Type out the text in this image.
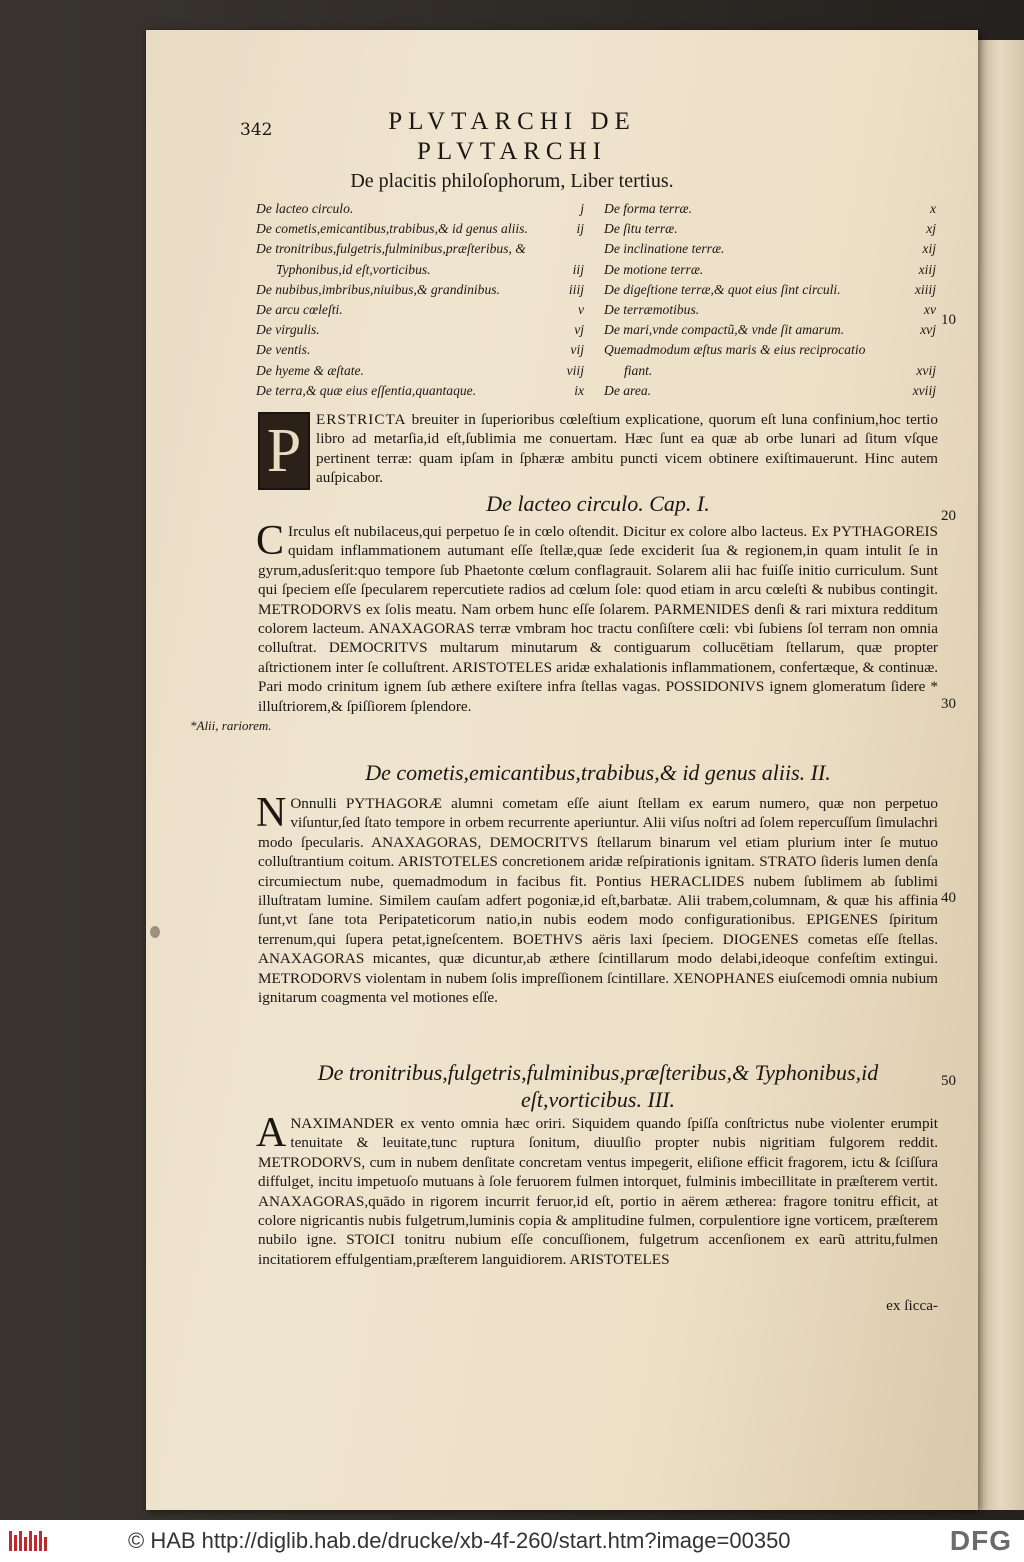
342	PLVTARCHI DE
PLVTARCHI
De placitis philoſophorum, Liber tertius.
De lacteo circulo.	j De forma terræ.	x
De cometis,emicantibus,trabibus,& id genus aliis.	ij De ſitu terræ.	xj
De tronitribus,fulgetris,fulminibus,præſteribus, &	De inclinatione terræ.	xij
Typhonibus,id eſt,vorticibus.	iij De motione terræ.	xiij
De nubibus,imbribus,niuibus,& grandinibus.	iiij De digeſtione terræ,& quot eius ſint circuli.	xiiij
De arcu cœleſti.	v De terræmotibus.	xv
De virgulis.	vj De mari,vnde compactũ,& vnde ſit amarum.	xvj
De ventis.	vij Quemadmodum æſtus maris & eius reciprocatio
De hyeme & æſtate.	viij	fiant.	xvij
De terra,& quæ eius eſſentia,quantaque.	ix De area.	xviij

P ERSTRICTA breuiter in ſuperioribus cœleſtium explicatione, quorum eſt luna confinium,hoc tertio libro ad metarſia,id eſt,ſublimia me conuertam. Hæc ſunt ea quæ ab orbe lunari ad ſitum vſque pertinent terræ: quam ipſam in ſphæræ ambitu puncti vicem obtinere exiſtimauerunt. Hinc autem auſpicabor.

De lacteo circulo. Cap. I.

C Irculus eſt nubilaceus,qui perpetuo ſe in cœlo oſtendit. Dicitur ex colore albo lacteus. Ex PYTHAGOREIS quidam inflammationem autumant eſſe ſtellæ,quæ ſede exciderit ſua & regionem,in quam intulit ſe in gyrum,adusſerit:quo tempore ſub Phaetonte cœlum conflagrauit. Solarem alii hac fuiſſe initio curriculum. Sunt qui ſpeciem eſſe ſpecularem repercutiete radios ad cœlum ſole: quod etiam in arcu cœleſti & nubibus contingit. METRODORVS ex ſolis meatu. Nam orbem hunc eſſe ſolarem. PARMENIDES denſi & rari mixtura redditum colorem lacteum. ANAXAGORAS terræ vmbram hoc tractu conſiſtere cœli: vbi ſubiens ſol terram non omnia colluſtrat. DEMOCRITVS multarum minutarum & contiguarum collucētiam ſtellarum, quæ propter aſtrictionem inter ſe colluſtrent. ARISTOTELES aridæ exhalationis inflammationem, confertæque, & continuæ. Pari modo crinitum ignem ſub æthere exiſtere infra ſtellas vagas. POSSIDONIVS ignem glomeratum ſidere * illuſtriorem,& ſpiſſiorem ſplendore.

*Alii, rariorem.
De cometis,emicantibus,trabibus,& id genus aliis. II.

N Onnulli PYTHAGORÆ alumni cometam eſſe aiunt ſtellam ex earum numero, quæ non perpetuo viſuntur,ſed ſtato tempore in orbem recurrente aperiuntur. Alii viſus noſtri ad ſolem repercuſſum ſimulachri modo ſpecularis. ANAXAGORAS, DEMOCRITVS ſtellarum binarum vel etiam plurium inter ſe mutuo colluſtrantium coitum. ARISTOTELES concretionem aridæ reſpirationis ignitam. STRATO ſideris lumen denſa circumiectum nube, quemadmodum in facibus fit. Pontius HERACLIDES nubem ſublimem ab ſublimi illuſtratam lumine. Similem cauſam adfert pogoniæ,id eſt,barbatæ. Alii trabem,columnam, & quæ his affinia ſunt,vt ſane tota Peripateticorum natio,in nubis eodem modo configurationibus. EPIGENES ſpiritum terrenum,qui ſupera petat,igneſcentem. BOETHVS aëris laxi ſpeciem. DIOGENES cometas eſſe ſtellas. ANAXAGORAS micantes, quæ dicuntur,ab æthere ſcintillarum modo delabi,ideoque confeſtim extingui. METRODORVS violentam in nubem ſolis impreſſionem ſcintillare. XENOPHANES eiuſcemodi omnia nubium ignitarum coagmenta vel motiones eſſe.

De tronitribus,fulgetris,fulminibus,præſteribus,& Typhonibus,id eſt,vorticibus. III.

ANAXIMANDER ex vento omnia hæc oriri. Siquidem quando ſpiſſa conſtrictus nube violenter erumpit tenuitate & leuitate,tunc ruptura ſonitum, diuulſio propter nubis nigritiam fulgorem reddit. METRODORVS, cum in nubem denſitate concretam ventus impegerit, eliſione efficit fragorem, ictu & ſciſſura diffulget, incitu impetuoſo mutuans à ſole feruorem fulmen intorquet, fulminis imbecillitate in præſterem vertit. ANAXAGORAS,quādo in rigorem incurrit feruor,id eſt, portio in aërem ætherea: fragore tonitru efficit, at colore nigricantis nubis fulgetrum,luminis copia & amplitudine fulmen, corpulentiore igne vorticem, præſterem nubilo igne. STOICI tonitru nubium eſſe concuſſionem, fulgetrum accenſionem ex earũ attritu,fulmen incitatiorem effulgentiam,præſterem languidiorem. ARISTOTELES

ex ſicca-
10
20
30
40
50
© HAB http://diglib.hab.de/drucke/xb-4f-260/start.htm?image=00350	DFG
